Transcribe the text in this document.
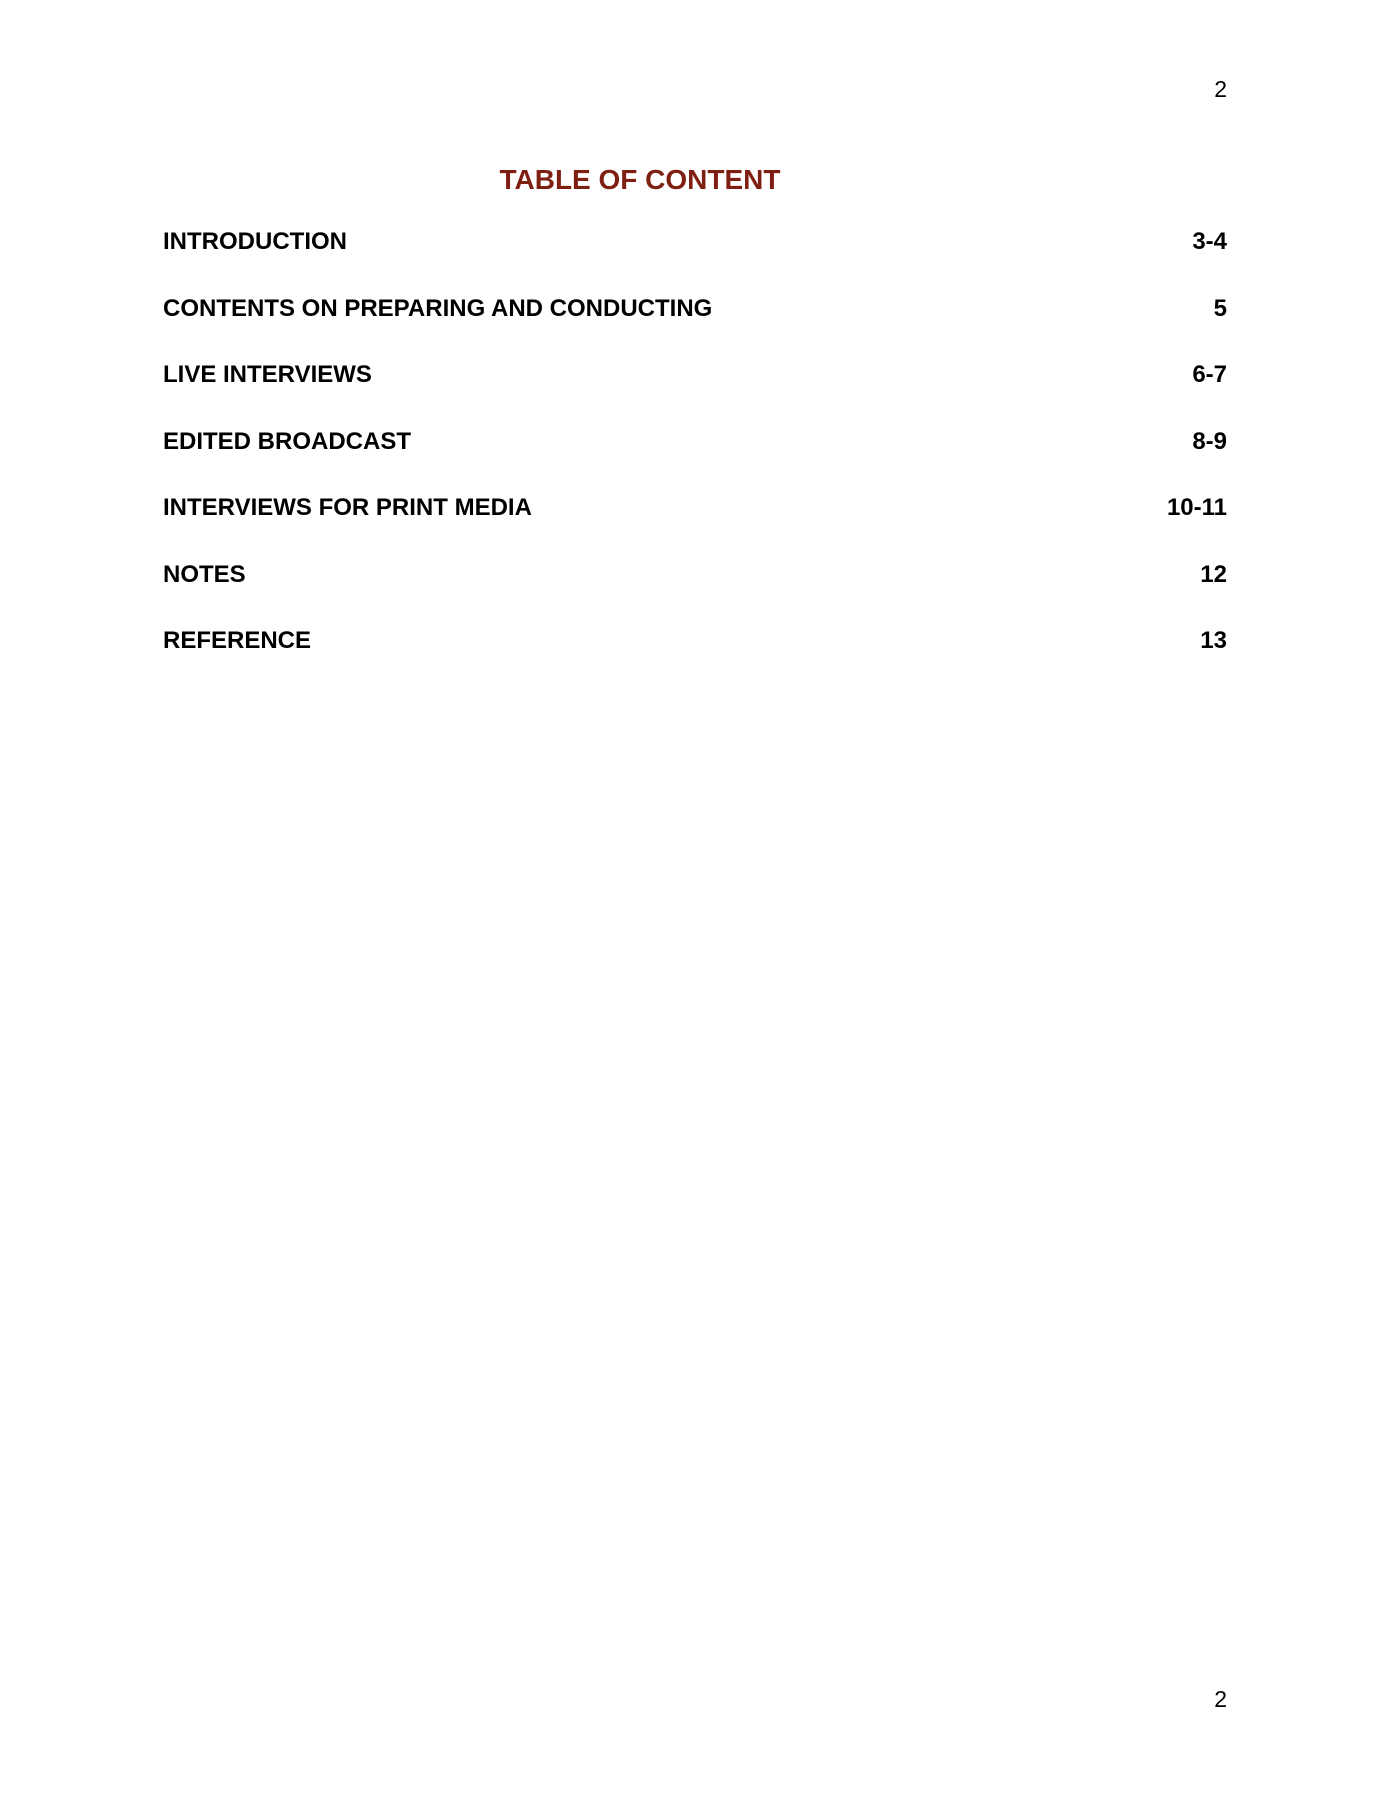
2
TABLE OF CONTENT
INTRODUCTION	3-4
CONTENTS ON PREPARING AND CONDUCTING	5
LIVE INTERVIEWS	6-7
EDITED BROADCAST	8-9
INTERVIEWS FOR PRINT MEDIA	10-11
NOTES	12
REFERENCE	13
2
